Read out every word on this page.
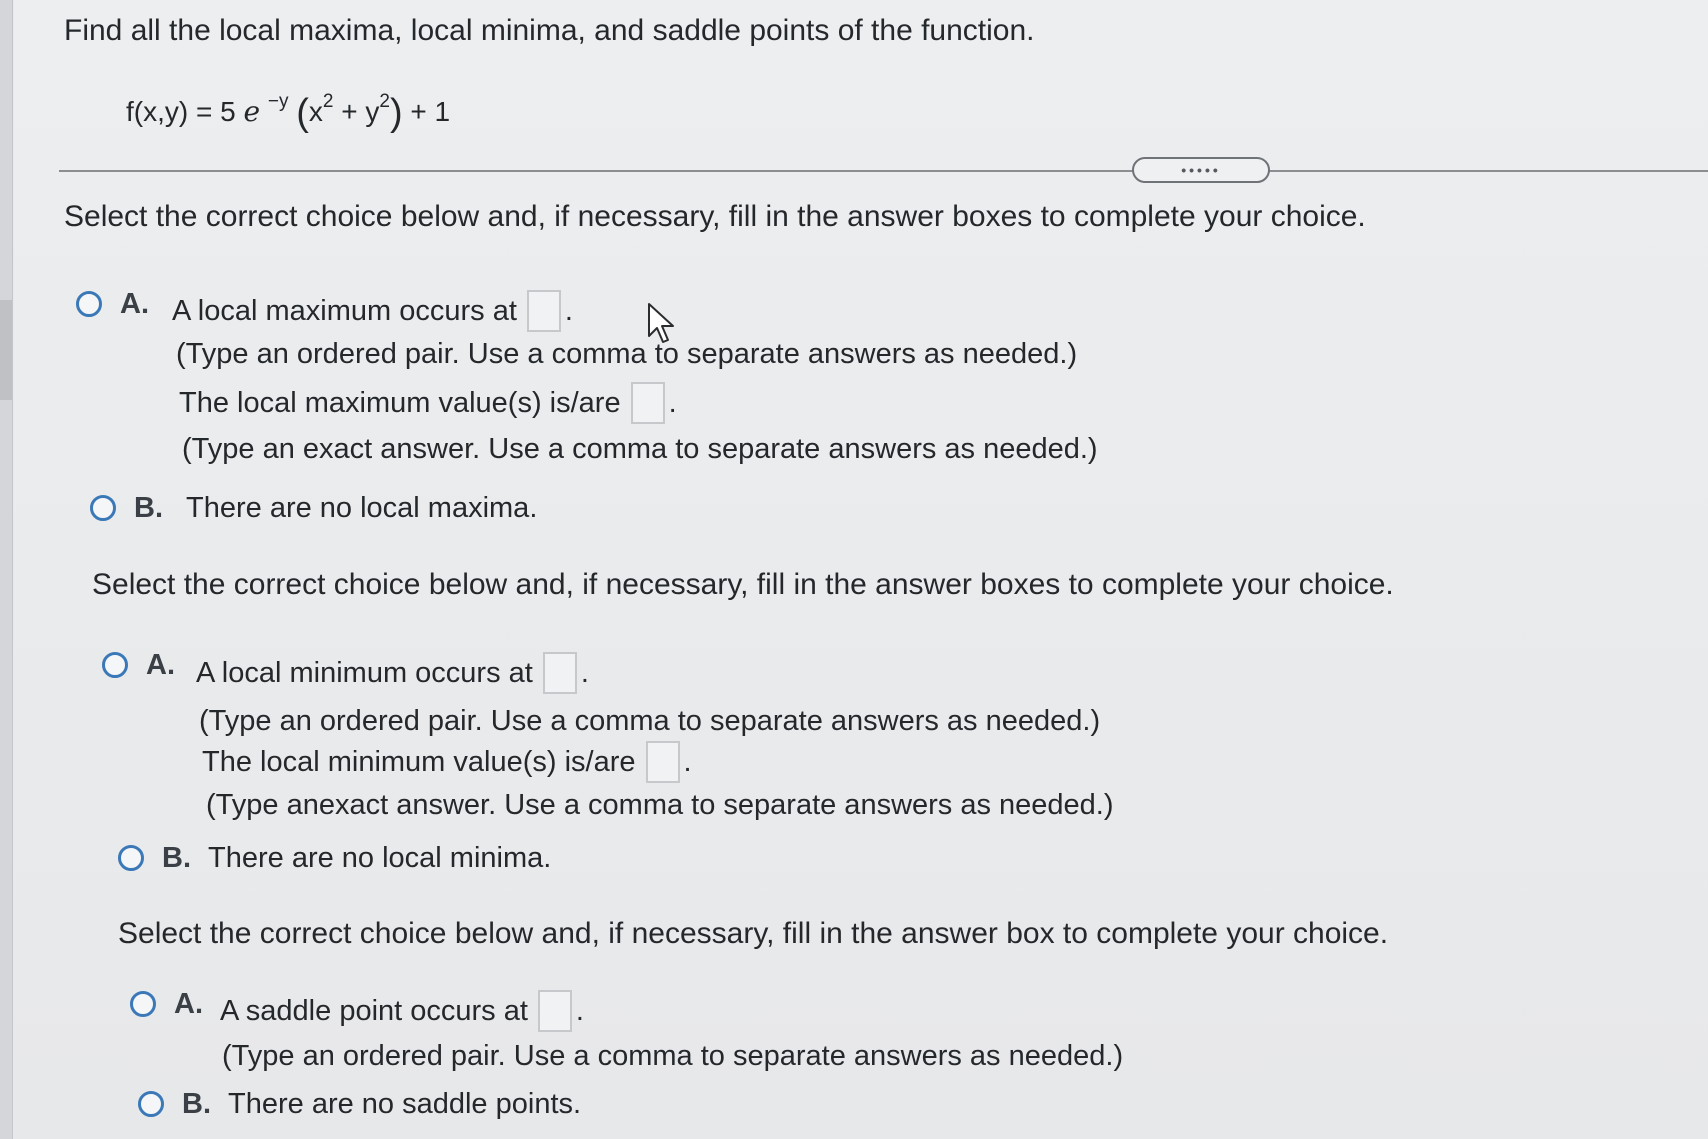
Find all the local maxima, local minima, and saddle points of the function.
f(x,y) = 5 e $^{-y}$ $(x^2 + y^2) + 1$
•••••
Select the correct choice below and, if necessary, fill in the answer boxes to complete your choice.
A. A local maximum occurs at .
(Type an ordered pair. Use a comma to separate answers as needed.)
The local maximum value(s) is/are .
(Type an exact answer. Use a comma to separate answers as needed.)
B. There are no local maxima.
Select the correct choice below and, if necessary, fill in the answer boxes to complete your choice.
A. A local minimum occurs at .
(Type an ordered pair. Use a comma to separate answers as needed.)
The local minimum value(s) is/are .
(Type anexact answer. Use a comma to separate answers as needed.)
B. There are no local minima.
Select the correct choice below and, if necessary, fill in the answer box to complete your choice.
A. A saddle point occurs at .
(Type an ordered pair. Use a comma to separate answers as needed.)
B. There are no saddle points.
